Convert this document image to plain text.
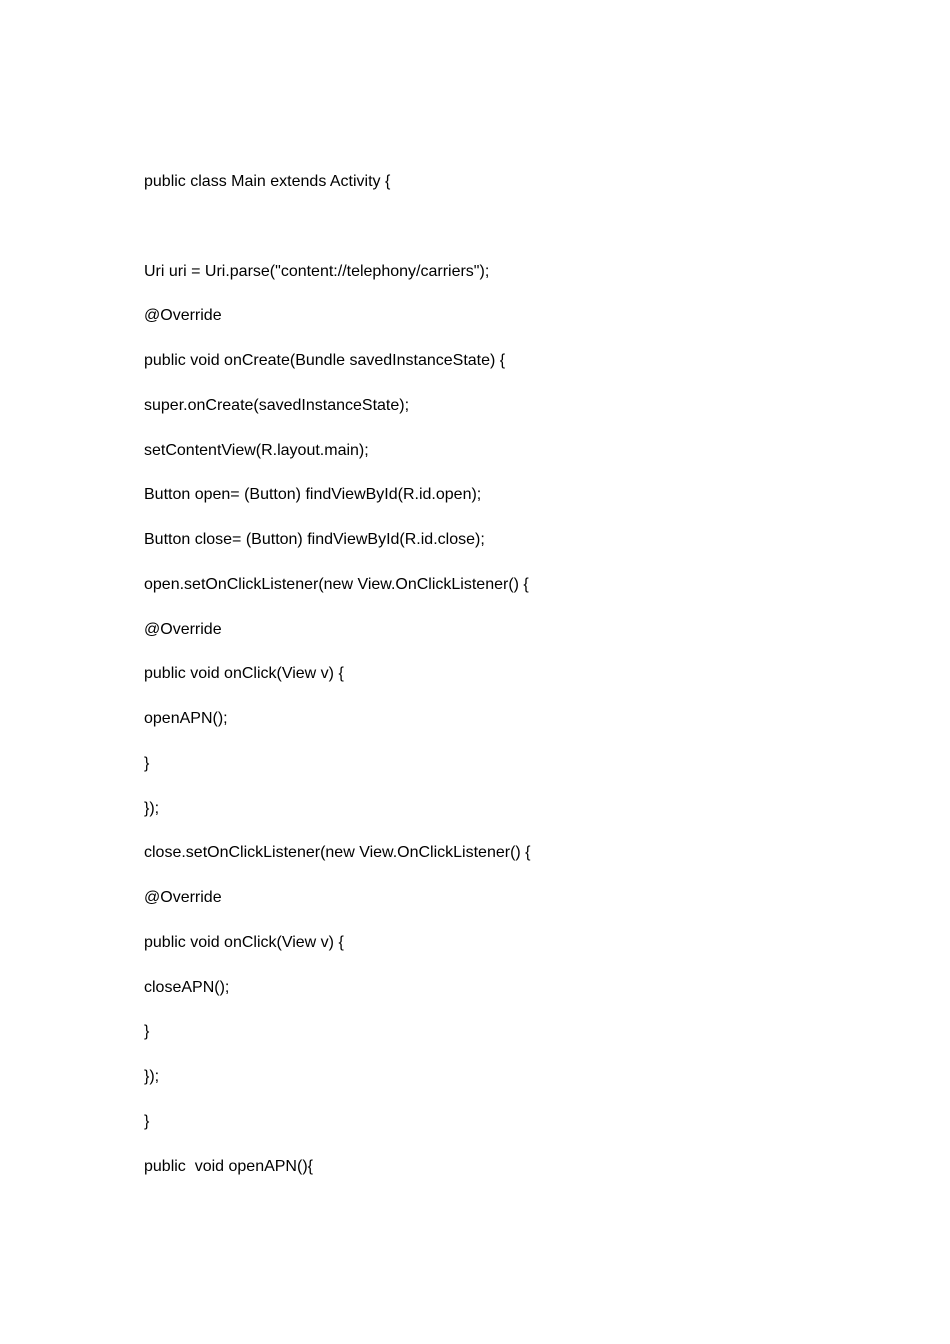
public class Main extends Activity {
Uri uri = Uri.parse("content://telephony/carriers");
@Override
public void onCreate(Bundle savedInstanceState) {
super.onCreate(savedInstanceState);
setContentView(R.layout.main);
Button open= (Button) findViewById(R.id.open);
Button close= (Button) findViewById(R.id.close);
open.setOnClickListener(new View.OnClickListener() {
@Override
public void onClick(View v) {
openAPN();
}
});
close.setOnClickListener(new View.OnClickListener() {
@Override
public void onClick(View v) {
closeAPN();
}
});
}
public  void openAPN(){
